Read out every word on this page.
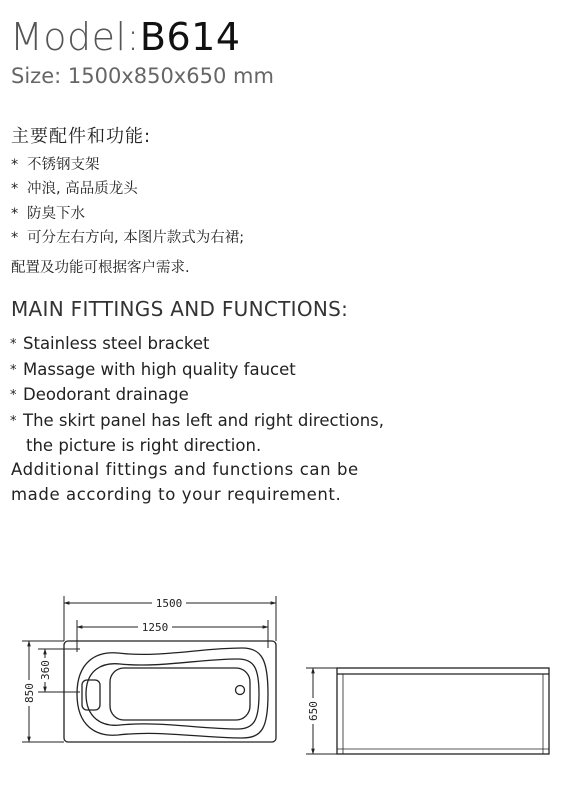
Model:B614
Size: 1500x850x650 mm
主要配件和功能:
* 不锈钢支架
* 冲浪, 高品质龙头
* 防臭下水
* 可分左右方向, 本图片款式为右裙;
配置及功能可根据客户需求.
MAIN FITTINGS AND FUNCTIONS:
* Stainless steel bracket
* Massage with high quality faucet
* Deodorant drainage
* The skirt panel has left and right directions,
the picture is right direction.
Additional fittings and functions can be
made according to your requirement.
1500
1250
850
360
650
